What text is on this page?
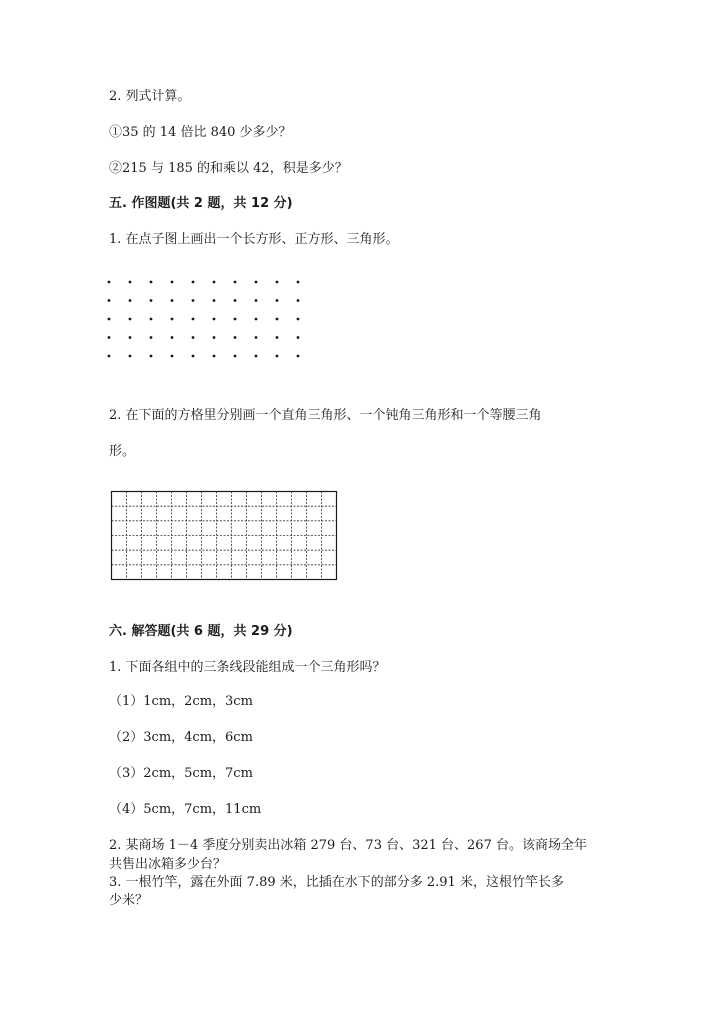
2. 列式计算。
①35 的 14 倍比 840 少多少？
②215 与 185 的和乘以 42，积是多少？
五. 作图题(共 2 题，共 12 分)
1. 在点子图上画出一个长方形、正方形、三角形。
2. 在下面的方格里分别画一个直角三角形、一个钝角三角形和一个等腰三角
形。
六. 解答题(共 6 题，共 29 分)
1. 下面各组中的三条线段能组成一个三角形吗？
（1）1cm，2cm，3cm
（2）3cm，4cm，6cm
（3）2cm，5cm，7cm
（4）5cm，7cm，11cm
2. 某商场 1－4 季度分别卖出冰箱 279 台、73 台、321 台、267 台。该商场全年
共售出冰箱多少台？
3. 一根竹竿，露在外面 7.89 米，比插在水下的部分多 2.91 米，这根竹竿长多
少米？
